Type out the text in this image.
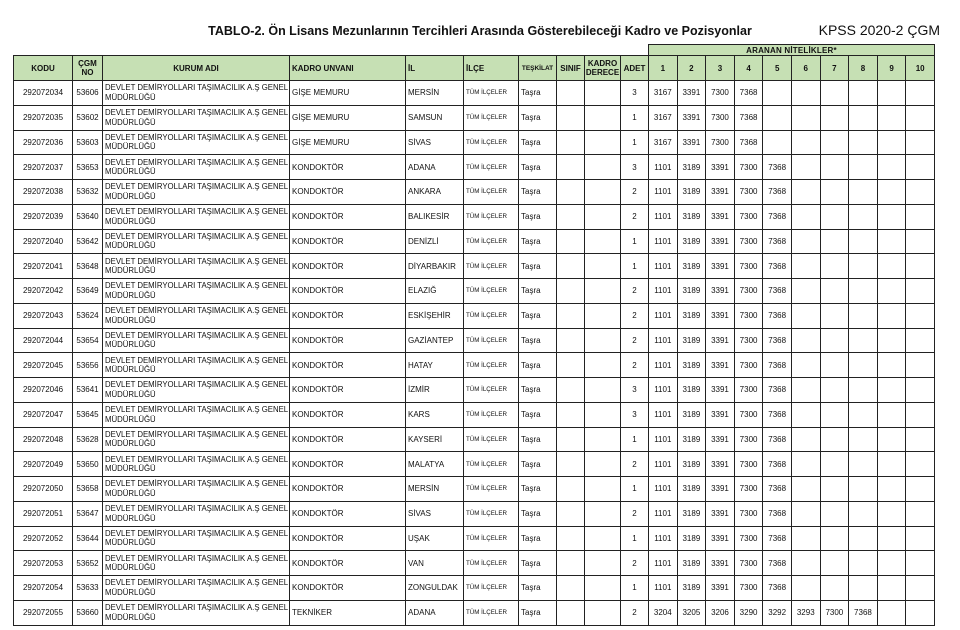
TABLO-2. Ön Lisans Mezunlarının Tercihleri Arasında Gösterebileceği Kadro ve Pozisyonlar	KPSS 2020-2 ÇGM
										ARANAN NİTELİKLER*									
KODU	ÇGM
NO	KURUM ADI	KADRO UNVANI	İL	İLÇE	TEŞKİLAT	SINIF	KADRO
DERECE	ADET	1	2	3	4	5	6	7	8	9	10
292072034	53606	DEVLET DEMİRYOLLARI TAŞIMACILIK A.Ş GENEL MÜDÜRLÜĞÜ	GİŞE MEMURU	MERSİN	TÜM İLÇELER	Taşra			3	3167	3391	7300	7368						
292072035	53602	DEVLET DEMİRYOLLARI TAŞIMACILIK A.Ş GENEL MÜDÜRLÜĞÜ	GİŞE MEMURU	SAMSUN	TÜM İLÇELER	Taşra			1	3167	3391	7300	7368						
292072036	53603	DEVLET DEMİRYOLLARI TAŞIMACILIK A.Ş GENEL MÜDÜRLÜĞÜ	GİŞE MEMURU	SİVAS	TÜM İLÇELER	Taşra			1	3167	3391	7300	7368						
292072037	53653	DEVLET DEMİRYOLLARI TAŞIMACILIK A.Ş GENEL MÜDÜRLÜĞÜ	KONDOKTÖR	ADANA	TÜM İLÇELER	Taşra			3	1101	3189	3391	7300	7368					
292072038	53632	DEVLET DEMİRYOLLARI TAŞIMACILIK A.Ş GENEL MÜDÜRLÜĞÜ	KONDOKTÖR	ANKARA	TÜM İLÇELER	Taşra			2	1101	3189	3391	7300	7368					
292072039	53640	DEVLET DEMİRYOLLARI TAŞIMACILIK A.Ş GENEL MÜDÜRLÜĞÜ	KONDOKTÖR	BALIKESİR	TÜM İLÇELER	Taşra			2	1101	3189	3391	7300	7368					
292072040	53642	DEVLET DEMİRYOLLARI TAŞIMACILIK A.Ş GENEL MÜDÜRLÜĞÜ	KONDOKTÖR	DENİZLİ	TÜM İLÇELER	Taşra			1	1101	3189	3391	7300	7368					
292072041	53648	DEVLET DEMİRYOLLARI TAŞIMACILIK A.Ş GENEL MÜDÜRLÜĞÜ	KONDOKTÖR	DİYARBAKIR	TÜM İLÇELER	Taşra			1	1101	3189	3391	7300	7368					
292072042	53649	DEVLET DEMİRYOLLARI TAŞIMACILIK A.Ş GENEL MÜDÜRLÜĞÜ	KONDOKTÖR	ELAZIĞ	TÜM İLÇELER	Taşra			2	1101	3189	3391	7300	7368					
292072043	53624	DEVLET DEMİRYOLLARI TAŞIMACILIK A.Ş GENEL MÜDÜRLÜĞÜ	KONDOKTÖR	ESKİŞEHİR	TÜM İLÇELER	Taşra			2	1101	3189	3391	7300	7368					
292072044	53654	DEVLET DEMİRYOLLARI TAŞIMACILIK A.Ş GENEL MÜDÜRLÜĞÜ	KONDOKTÖR	GAZİANTEP	TÜM İLÇELER	Taşra			2	1101	3189	3391	7300	7368					
292072045	53656	DEVLET DEMİRYOLLARI TAŞIMACILIK A.Ş GENEL MÜDÜRLÜĞÜ	KONDOKTÖR	HATAY	TÜM İLÇELER	Taşra			2	1101	3189	3391	7300	7368					
292072046	53641	DEVLET DEMİRYOLLARI TAŞIMACILIK A.Ş GENEL MÜDÜRLÜĞÜ	KONDOKTÖR	İZMİR	TÜM İLÇELER	Taşra			3	1101	3189	3391	7300	7368					
292072047	53645	DEVLET DEMİRYOLLARI TAŞIMACILIK A.Ş GENEL MÜDÜRLÜĞÜ	KONDOKTÖR	KARS	TÜM İLÇELER	Taşra			3	1101	3189	3391	7300	7368					
292072048	53628	DEVLET DEMİRYOLLARI TAŞIMACILIK A.Ş GENEL MÜDÜRLÜĞÜ	KONDOKTÖR	KAYSERİ	TÜM İLÇELER	Taşra			1	1101	3189	3391	7300	7368					
292072049	53650	DEVLET DEMİRYOLLARI TAŞIMACILIK A.Ş GENEL MÜDÜRLÜĞÜ	KONDOKTÖR	MALATYA	TÜM İLÇELER	Taşra			2	1101	3189	3391	7300	7368					
292072050	53658	DEVLET DEMİRYOLLARI TAŞIMACILIK A.Ş GENEL MÜDÜRLÜĞÜ	KONDOKTÖR	MERSİN	TÜM İLÇELER	Taşra			1	1101	3189	3391	7300	7368					
292072051	53647	DEVLET DEMİRYOLLARI TAŞIMACILIK A.Ş GENEL MÜDÜRLÜĞÜ	KONDOKTÖR	SİVAS	TÜM İLÇELER	Taşra			2	1101	3189	3391	7300	7368					
292072052	53644	DEVLET DEMİRYOLLARI TAŞIMACILIK A.Ş GENEL MÜDÜRLÜĞÜ	KONDOKTÖR	UŞAK	TÜM İLÇELER	Taşra			1	1101	3189	3391	7300	7368					
292072053	53652	DEVLET DEMİRYOLLARI TAŞIMACILIK A.Ş GENEL MÜDÜRLÜĞÜ	KONDOKTÖR	VAN	TÜM İLÇELER	Taşra			2	1101	3189	3391	7300	7368					
292072054	53633	DEVLET DEMİRYOLLARI TAŞIMACILIK A.Ş GENEL MÜDÜRLÜĞÜ	KONDOKTÖR	ZONGULDAK	TÜM İLÇELER	Taşra			1	1101	3189	3391	7300	7368					
292072055	53660	DEVLET DEMİRYOLLARI TAŞIMACILIK A.Ş GENEL MÜDÜRLÜĞÜ	TEKNİKER	ADANA	TÜM İLÇELER	Taşra			2	3204	3205	3206	3290	3292	3293	7300	7368		
